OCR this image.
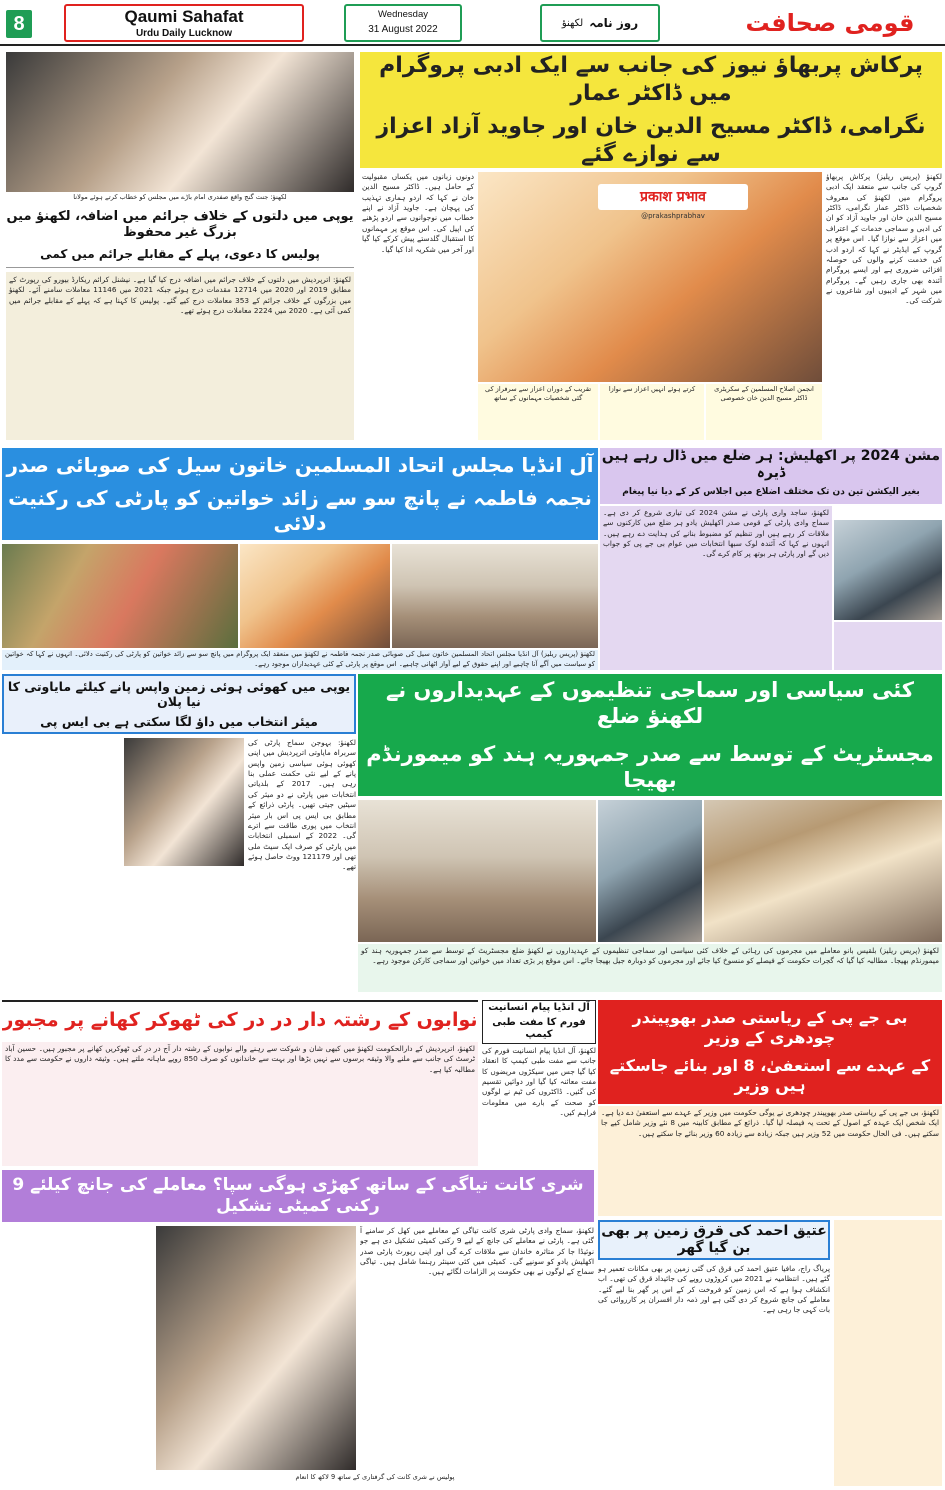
8	Qaumi Sahafat
Urdu Daily Lucknow
Wednesday
31 August 2022	روز نامہ
لکھنؤ	قومی صحافت
پرکاش پربھاؤ نیوز کی جانب سے ایک ادبی پروگرام میں ڈاکٹر عمار
نگرامی، ڈاکٹر مسیح الدین خان اور جاوید آزاد اعزاز سے نوازے گئے
لکھنؤ (پریس ریلیز) پرکاش پربھاؤ گروپ کی جانب سے منعقد ایک ادبی پروگرام میں لکھنؤ کی معروف شخصیات ڈاکٹر عمار نگرامی، ڈاکٹر مسیح الدین خان اور جاوید آزاد کو ان کی ادبی و سماجی خدمات کے اعتراف میں اعزاز سے نوازا گیا۔ اس موقع پر گروپ کے ایڈیٹر نے کہا کہ اردو ادب کی خدمت کرنے والوں کی حوصلہ افزائی ضروری ہے اور ایسے پروگرام آئندہ بھی جاری رہیں گے۔ پروگرام میں شہر کے ادیبوں اور شاعروں نے شرکت کی۔
प्रकाश प्रभाव
@prakashprabhav
تقریب کے دوران اعزاز سے سرفراز کی گئی شخصیات مہمانوں کے ساتھ
کرتے ہوئے انہیں اعزاز سے نوازا	انجمن اصلاح المسلمین کے سکریٹری ڈاکٹر مسیح الدین خان خصوصی
دونوں زبانوں میں یکساں مقبولیت کے حامل ہیں۔ ڈاکٹر مسیح الدین خان نے کہا کہ اردو ہماری تہذیب کی پہچان ہے۔ جاوید آزاد نے اپنے خطاب میں نوجوانوں سے اردو پڑھنے کی اپیل کی۔ اس موقع پر مہمانوں کا استقبال گلدستے پیش کرکے کیا گیا اور آخر میں شکریہ ادا کیا گیا۔
لکھنؤ: جنت گنج واقع صفدری امام باڑے میں مجلس کو خطاب کرتے ہوئے مولانا
یوپی میں دلتوں کے خلاف جرائم میں اضافہ، لکھنؤ میں بزرگ غیر محفوظ
پولیس کا دعوی، پہلے کے مقابلے جرائم میں کمی
لکھنؤ: اترپردیش میں دلتوں کے خلاف جرائم میں اضافہ درج کیا گیا ہے۔ نیشنل کرائم ریکارڈ بیورو کی رپورٹ کے مطابق 2019 اور 2020 میں 12714 مقدمات درج ہوئے جبکہ 2021 میں 11146 معاملات سامنے آئے۔ لکھنؤ میں بزرگوں کے خلاف جرائم کے 353 معاملات درج کیے گئے۔ پولیس کا کہنا ہے کہ پہلے کے مقابلے جرائم میں کمی آئی ہے۔ 2020 میں 2224 معاملات درج ہوئے تھے۔
آل انڈیا مجلس اتحاد المسلمین خاتون سیل کی صوبائی صدر
نجمہ فاطمہ نے پانچ سو سے زائد خواتین کو پارٹی کی رکنیت دلائی
لکھنؤ (پریس ریلیز) آل انڈیا مجلس اتحاد المسلمین خاتون سیل کی صوبائی صدر نجمہ فاطمہ نے لکھنؤ میں منعقد ایک پروگرام میں پانچ سو سے زائد خواتین کو پارٹی کی رکنیت دلائی۔ انہوں نے کہا کہ خواتین کو سیاست میں آگے آنا چاہیے اور اپنے حقوق کے لیے آواز اٹھانی چاہیے۔ اس موقع پر پارٹی کے کئی عہدیداران موجود رہے۔
مشن 2024 پر اکھلیش: ہر ضلع میں ڈال رہے ہیں ڈیرہ
بغیر الیکشن تین دن تک مختلف اضلاع میں اجلاس کر کے دیا نیا پیغام
لکھنؤ، ساجد واری پارٹی نے مشن 2024 کی تیاری شروع کر دی ہے۔ سماج وادی پارٹی کے قومی صدر اکھلیش یادو ہر ضلع میں کارکنوں سے ملاقات کر رہے ہیں اور تنظیم کو مضبوط بنانے کی ہدایت دے رہے ہیں۔ انہوں نے کہا کہ آئندہ لوک سبھا انتخابات میں عوام بی جے پی کو جواب دیں گے اور پارٹی ہر بوتھ پر کام کرے گی۔
یوپی میں کھوئی ہوئی زمین واپس پانے کیلئے مایاوتی کا نیا پلان
میئر انتخاب میں داؤ لگا سکتی ہے بی ایس پی
لکھنؤ: بہوجن سماج پارٹی کی سربراہ مایاوتی اترپردیش میں اپنی کھوئی ہوئی سیاسی زمین واپس پانے کے لیے نئی حکمت عملی بنا رہی ہیں۔ 2017 کے بلدیاتی انتخابات میں پارٹی نے دو میئر کی سیٹیں جیتی تھیں۔ پارٹی ذرائع کے مطابق بی ایس پی اس بار میئر انتخاب میں پوری طاقت سے اترے گی۔ 2022 کے اسمبلی انتخابات میں پارٹی کو صرف ایک سیٹ ملی تھی اور 121179 ووٹ حاصل ہوئے تھے۔
کئی سیاسی اور سماجی تنظیموں کے عہدیداروں نے لکھنؤ ضلع
مجسٹریٹ کے توسط سے صدر جمہوریہ ہند کو میمورنڈم بھیجا
لکھنؤ (پریس ریلیز) بلقیس بانو معاملے میں مجرموں کی رہائی کے خلاف کئی سیاسی اور سماجی تنظیموں کے عہدیداروں نے لکھنؤ ضلع مجسٹریٹ کے توسط سے صدر جمہوریہ ہند کو میمورنڈم بھیجا۔ مطالبہ کیا گیا کہ گجرات حکومت کے فیصلے کو منسوخ کیا جائے اور مجرموں کو دوبارہ جیل بھیجا جائے۔ اس موقع پر بڑی تعداد میں خواتین اور سماجی کارکن موجود رہے۔
نوابوں کے رشتہ دار در در کی ٹھوکر کھانے پر مجبور
لکھنؤ، اترپردیش کے دارالحکومت لکھنؤ میں کبھی شان و شوکت سے رہنے والے نوابوں کے رشتہ دار آج در در کی ٹھوکریں کھانے پر مجبور ہیں۔ حسین آباد ٹرسٹ کی جانب سے ملنے والا وثیقہ برسوں سے نہیں بڑھا اور بہت سے خاندانوں کو صرف 850 روپے ماہانہ ملتے ہیں۔ وثیقہ داروں نے حکومت سے مدد کا مطالبہ کیا ہے۔
آل انڈیا پیام انسانیت
فورم کا مفت طبی کیمپ
لکھنؤ، آل انڈیا پیام انسانیت فورم کی جانب سے مفت طبی کیمپ کا انعقاد کیا گیا جس میں سیکڑوں مریضوں کا مفت معائنہ کیا گیا اور دوائیں تقسیم کی گئیں۔ ڈاکٹروں کی ٹیم نے لوگوں کو صحت کے بارے میں معلومات فراہم کیں۔
بی جے پی کے ریاستی صدر بھوپیندر چودھری کے وزیر
کے عہدے سے استعفیٰ، 8 اور بنائے جاسکتے ہیں وزیر
لکھنؤ، بی جے پی کے ریاستی صدر بھوپیندر چودھری نے یوگی حکومت میں وزیر کے عہدے سے استعفیٰ دے دیا ہے۔ ایک شخص ایک عہدہ کے اصول کے تحت یہ فیصلہ لیا گیا۔ ذرائع کے مطابق کابینہ میں 8 نئے وزیر شامل کیے جا سکتے ہیں۔ فی الحال حکومت میں 52 وزیر ہیں جبکہ زیادہ سے زیادہ 60 وزیر بنائے جا سکتے ہیں۔
عتیق احمد کی قرق زمین پر بھی بن گیا گھر
پریاگ راج، مافیا عتیق احمد کی قرق کی گئی زمین پر بھی مکانات تعمیر ہو گئے ہیں۔ انتظامیہ نے 2021 میں کروڑوں روپے کی جائیداد قرق کی تھی۔ اب انکشاف ہوا ہے کہ اس زمین کو فروخت کر کے اس پر گھر بنا لیے گئے۔ معاملے کی جانچ شروع کر دی گئی ہے اور ذمہ دار افسران پر کارروائی کی بات کہی جا رہی ہے۔
شری کانت تیاگی کے ساتھ کھڑی ہوگی سپا؟ معاملے کی جانچ کیلئے 9 رکنی کمیٹی تشکیل
لکھنؤ، سماج وادی پارٹی شری کانت تیاگی کے معاملے میں کھل کر سامنے آ گئی ہے۔ پارٹی نے معاملے کی جانچ کے لیے 9 رکنی کمیٹی تشکیل دی ہے جو نوئیڈا جا کر متاثرہ خاندان سے ملاقات کرے گی اور اپنی رپورٹ پارٹی صدر اکھلیش یادو کو سونپے گی۔ کمیٹی میں کئی سینئر رہنما شامل ہیں۔ تیاگی سماج کے لوگوں نے بھی حکومت پر الزامات لگائے ہیں۔
پولیس نے شری کانت کی گرفتاری کے ساتھ 9 لاکھ کا انعام
